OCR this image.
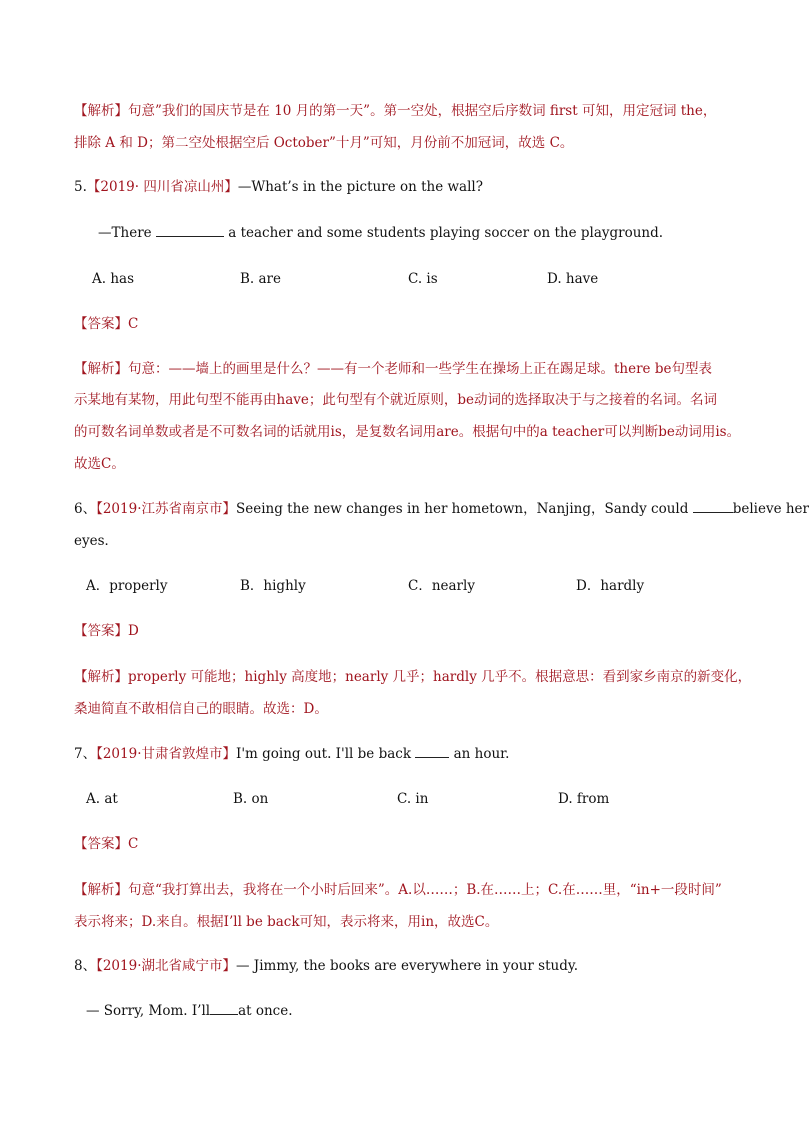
【解析】句意”我们的国庆节是在 10 月的第一天”。第一空处，根据空后序数词 first 可知，用定冠词 the，
排除 A 和 D；第二空处根据空后 October”十月”可知，月份前不加冠词，故选 C。
5.【2019· 四川省凉山州】—What’s in the picture on the wall?
—There	a teacher and some students playing soccer on the playground.
A. has	B. are	C. is	D. have
【答案】C
【解析】句意：——墙上的画里是什么？——有一个老师和一些学生在操场上正在踢足球。there be句型表
示某地有某物，用此句型不能再由have；此句型有个就近原则，be动词的选择取决于与之接着的名词。名词
的可数名词单数或者是不可数名词的话就用is，是复数名词用are。根据句中的a teacher可以判断be动词用is。
故选C。
6、【2019·江苏省南京市】Seeing the new changes in her hometown，Nanjing，Sandy could	believe her
eyes．
A．properly	B．highly	C．nearly	D．hardly
【答案】D
【解析】properly 可能地；highly 高度地；nearly 几乎；hardly 几乎不。根据意思：看到家乡南京的新变化，
桑迪简直不敢相信自己的眼睛。故选：D。
7、【2019·甘肃省敦煌市】I'm going out. I'll be back	an hour.
A. at	B. on	C. in	D. from
【答案】C
【解析】句意“我打算出去，我将在一个小时后回来”。A.以……；B.在……上；C.在……里，“in+一段时间”
表示将来；D.来自。根据I’ll be back可知，表示将来，用in，故选C。
8、【2019·湖北省咸宁市】— Jimmy, the books are everywhere in your study.
— Sorry, Mom. I’ll at once.
